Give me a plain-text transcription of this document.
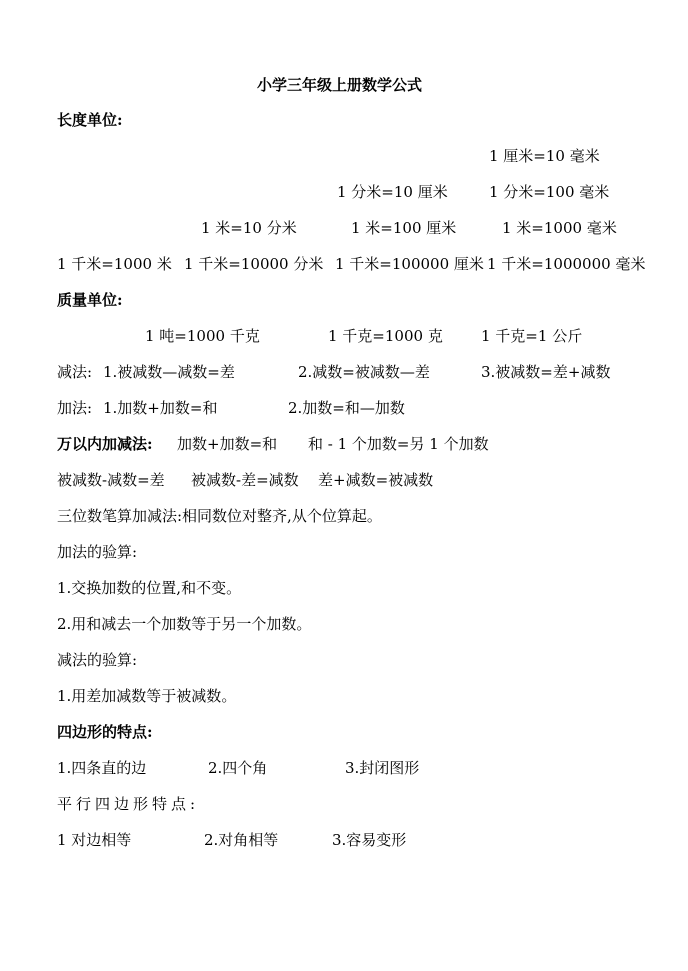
小学三年级上册数学公式
长度单位:
1 厘米=10 毫米
1 分米=10 厘米	1 分米=100 毫米
1 米=10 分米	1 米=100 厘米	1 米=1000 毫米
1 千米=1000 米 1 千米=10000 分米 1 千米=100000 厘米 1 千米=1000000 毫米
质量单位:
1 吨=1000 千克	1 千克=1000 克	1 千克=1 公斤
减法: 1.被减数—减数=差	2.减数=被减数—差	3.被减数=差+减数
加法: 1.加数+加数=和	2.加数=和—加数
万以内加减法: 加数+加数=和 和 - 1 个加数=另 1 个加数
被减数-减数=差 被减数-差=减数 差+减数=被减数
三位数笔算加减法:相同数位对整齐,从个位算起。
加法的验算:
1.交换加数的位置,和不变。
2.用和减去一个加数等于另一个加数。
减法的验算:
1.用差加减数等于被减数。
四边形的特点:
1.四条直的边	2.四个角	3.封闭图形
平行四边形特点:
1 对边相等	2.对角相等	3.容易变形
